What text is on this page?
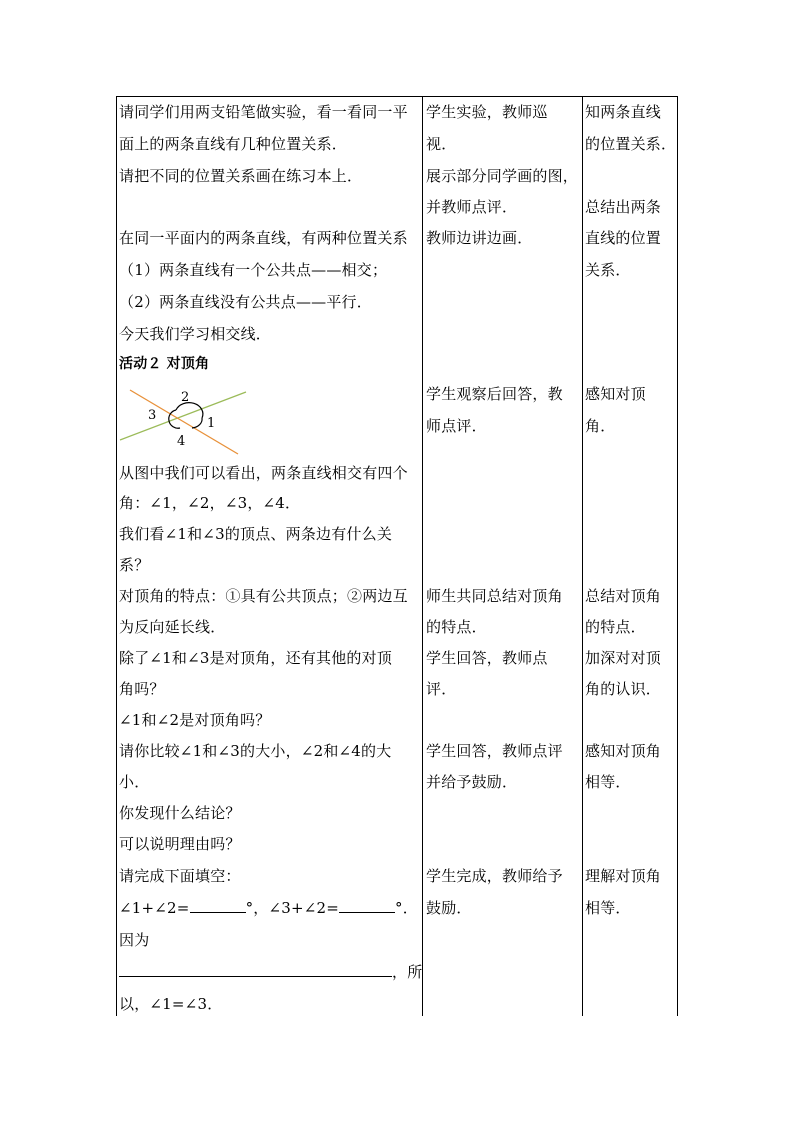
请同学们用两支铅笔做实验，看一看同一平
面上的两条直线有几种位置关系．
请把不同的位置关系画在练习本上．
在同一平面内的两条直线，有两种位置关系
（1）两条直线有一个公共点——相交；
（2）两条直线没有公共点——平行．
今天我们学习相交线．
活动２ 对顶角
从图中我们可以看出，两条直线相交有四个
角：∠1，∠2，∠3，∠4．
我们看∠1和∠3的顶点、两条边有什么关
系？
对顶角的特点：①具有公共顶点；②两边互
为反向延长线．
除了∠1和∠3是对顶角，还有其他的对顶
角吗？
∠1和∠2是对顶角吗？
请你比较∠1和∠3的大小，∠2和∠4的大
小．
你发现什么结论？
可以说明理由吗？
请完成下面填空：
∠1+∠2=	°，∠3+∠2=	°．
因为
，所
以，∠1=∠3．
2
3
1
4
学生实验，教师巡
视．
展示部分同学画的图，
并教师点评．
教师边讲边画．
学生观察后回答，教
师点评．
师生共同总结对顶角
的特点．
学生回答，教师点
评．
学生回答，教师点评
并给予鼓励．
学生完成，教师给予
鼓励．
知两条直线
的位置关系．
总结出两条
直线的位置
关系．
感知对顶
角．
总结对顶角
的特点．
加深对对顶
角的认识．
感知对顶角
相等．
理解对顶角
相等．
